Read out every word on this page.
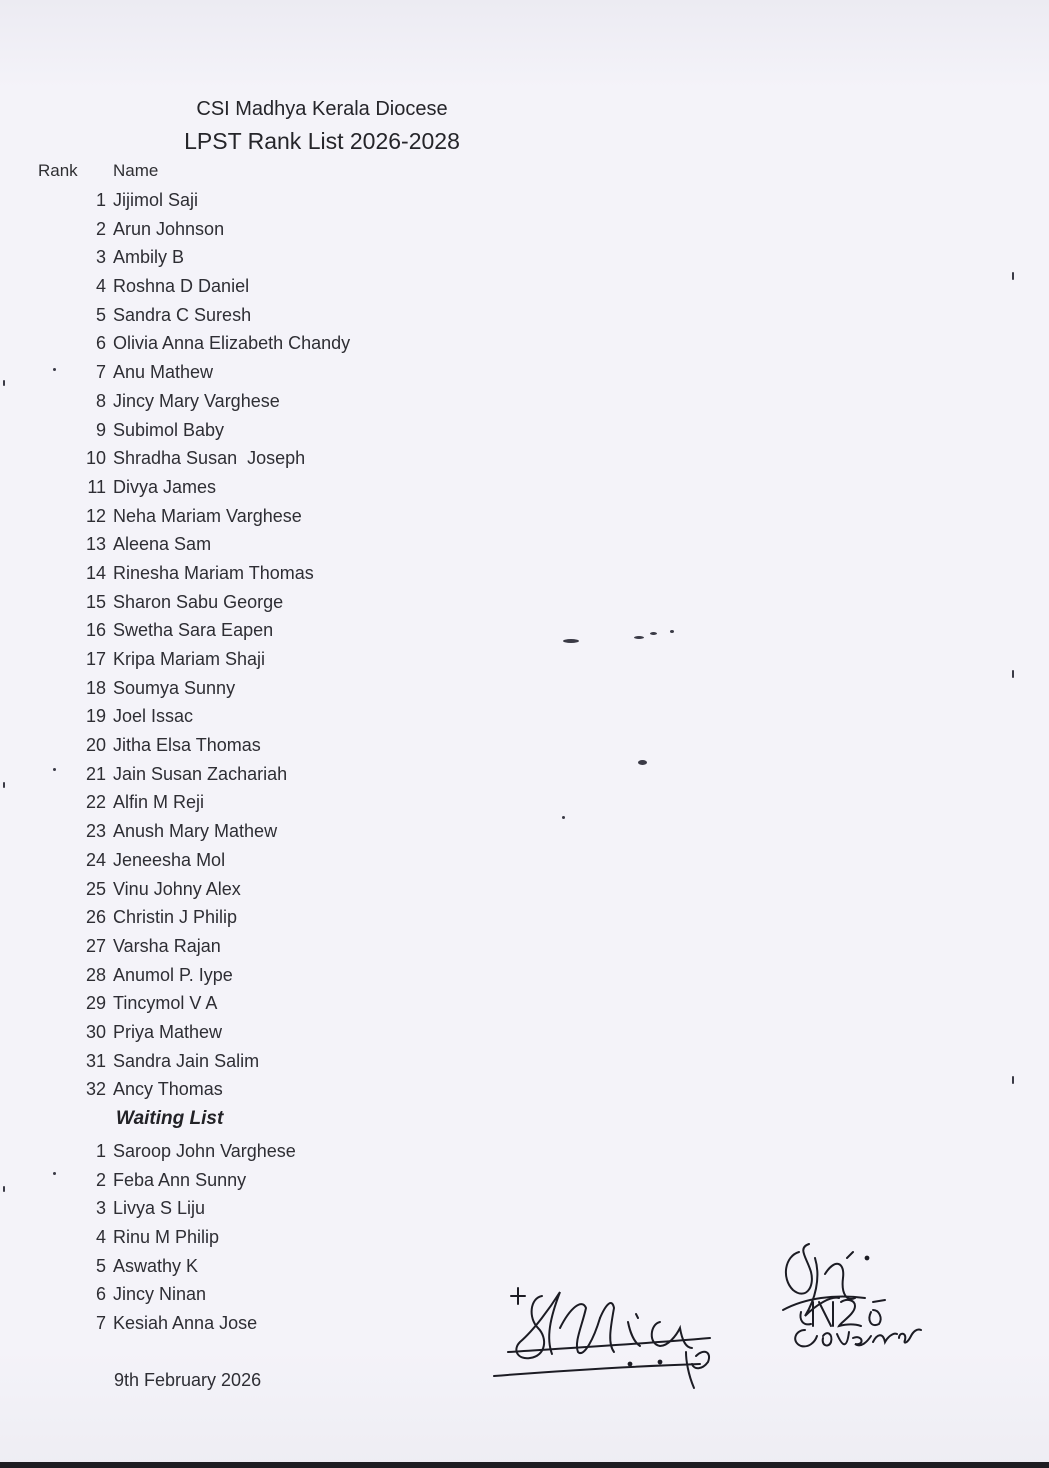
CSI Madhya Kerala Diocese
LPST Rank List 2026-2028
Rank Name
1 Jijimol Saji
2 Arun Johnson
3 Ambily B
4 Roshna D Daniel
5 Sandra C Suresh
6 Olivia Anna Elizabeth Chandy
7 Anu Mathew
8 Jincy Mary Varghese
9 Subimol Baby
10 Shradha Susan  Joseph
11 Divya James
12 Neha Mariam Varghese
13 Aleena Sam
14 Rinesha Mariam Thomas
15 Sharon Sabu George
16 Swetha Sara Eapen
17 Kripa Mariam Shaji
18 Soumya Sunny
19 Joel Issac
20 Jitha Elsa Thomas
21 Jain Susan Zachariah
22 Alfin M Reji
23 Anush Mary Mathew
24 Jeneesha Mol
25 Vinu Johny Alex
26 Christin J Philip
27 Varsha Rajan
28 Anumol P. Iype
29 Tincymol V A
30 Priya Mathew
31 Sandra Jain Salim
32 Ancy Thomas
Waiting List
1 Saroop John Varghese
2 Feba Ann Sunny
3 Livya S Liju
4 Rinu M Philip
5 Aswathy K
6 Jincy Ninan
7 Kesiah Anna Jose
9th February 2026
